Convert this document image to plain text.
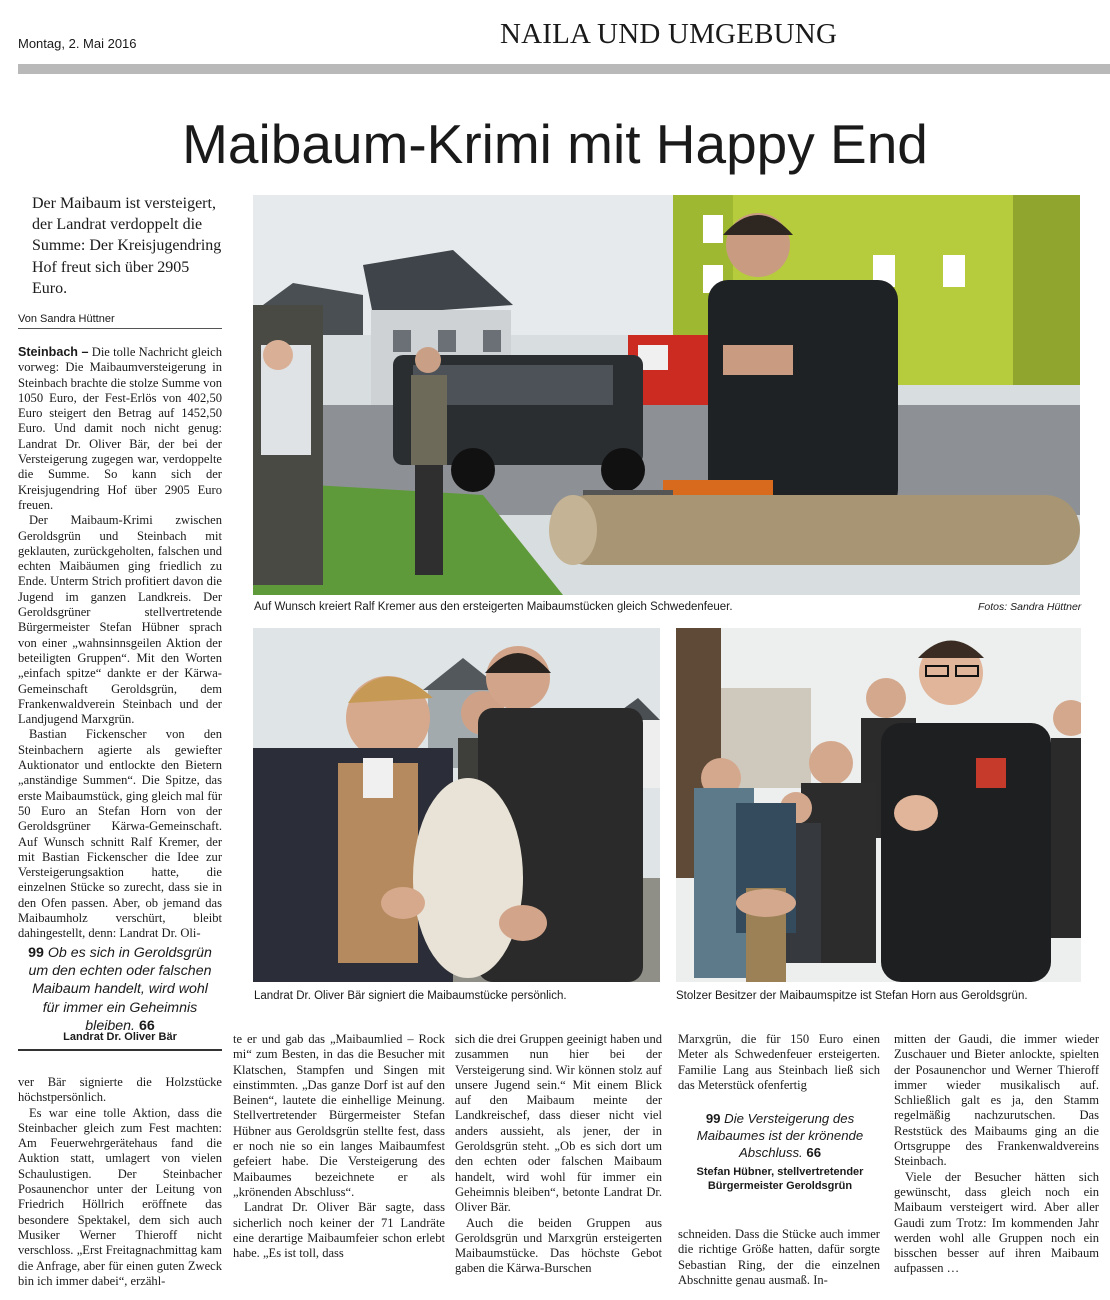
Montag, 2. Mai 2016	NAILA UND UMGEBUNG
Maibaum-Krimi mit Happy End
Der Maibaum ist versteigert, der Landrat verdoppelt die Summe: Der Kreisjugendring Hof freut sich über 2905 Euro.
Von Sandra Hüttner

Steinbach – Die tolle Nachricht gleich vorweg: Die Maibaumversteigerung in Steinbach brachte die stolze Summe von 1050 Euro, der Fest-Erlös von 402,50 Euro steigert den Betrag auf 1452,50 Euro. Und damit noch nicht genug: Landrat Dr. Oliver Bär, der bei der Versteigerung zugegen war, verdoppelte die Summe. So kann sich der Kreisjugendring Hof über 2905 Euro freuen.

Der Maibaum-Krimi zwischen Geroldsgrün und Steinbach mit geklauten, zurückgeholten, falschen und echten Maibäumen ging friedlich zu Ende. Unterm Strich profitiert davon die Jugend im ganzen Landkreis. Der Geroldsgrüner stellvertretende Bürgermeister Stefan Hübner sprach von einer „wahnsinnsgeilen Aktion der beteiligten Gruppen“. Mit den Worten „einfach spitze“ dankte er der Kärwa-Gemeinschaft Geroldsgrün, dem Frankenwaldverein Steinbach und der Landjugend Marxgrün.

Bastian Fickenscher von den Steinbachern agierte als gewiefter Auktionator und entlockte den Bietern „anständige Summen“. Die Spitze, das erste Maibaumstück, ging gleich mal für 50 Euro an Stefan Horn von der Geroldsgrüner Kärwa-Gemeinschaft. Auf Wunsch schnitt Ralf Kremer, der mit Bastian Fickenscher die Idee zur Versteigerungsaktion hatte, die einzelnen Stücke so zurecht, dass sie in den Ofen passen. Aber, ob jemand das Maibaumholz verschürt, bleibt dahingestellt, denn: Landrat Dr. Oli-

99 Ob es sich in Geroldsgrün um den echten oder falschen Maibaum handelt, wird wohl für immer ein Geheimnis bleiben. 66
Landrat Dr. Oliver Bär

ver Bär signierte die Holzstücke höchstpersönlich.

Es war eine tolle Aktion, dass die Steinbacher gleich zum Fest machten: Am Feuerwehrgerätehaus fand die Auktion statt, umlagert von vielen Schaulustigen. Der Steinbacher Posaunenchor unter der Leitung von Friedrich Höllrich eröffnete das besondere Spektakel, dem sich auch Musiker Werner Thieroff nicht verschloss. „Erst Freitagnachmittag kam die Anfrage, aber für einen guten Zweck bin ich immer dabei“, erzähl-

te er und gab das „Maibaumlied – Rock mi“ zum Besten, in das die Besucher mit Klatschen, Stampfen und Singen mit einstimmten. „Das ganze Dorf ist auf den Beinen“, lautete die einhellige Meinung. Stellvertretender Bürgermeister Stefan Hübner aus Geroldsgrün stellte fest, dass er noch nie so ein langes Maibaumfest gefeiert habe. Die Versteigerung des Maibaumes bezeichnete er als „krönenden Abschluss“.

Landrat Dr. Oliver Bär sagte, dass sicherlich noch keiner der 71 Landräte eine derartige Maibaumfeier schon erlebt habe. „Es ist toll, dass

sich die drei Gruppen geeinigt haben und zusammen nun hier bei der Versteigerung sind. Wir können stolz auf unsere Jugend sein.“ Mit einem Blick auf den Maibaum meinte der Landkreischef, dass dieser nicht viel anders aussieht, als jener, der in Geroldsgrün steht. „Ob es sich dort um den echten oder falschen Maibaum handelt, wird wohl für immer ein Geheimnis bleiben“, betonte Landrat Dr. Oliver Bär.

Auch die beiden Gruppen aus Geroldsgrün und Marxgrün ersteigerten Maibaumstücke. Das höchste Gebot gaben die Kärwa-Burschen

Marxgrün, die für 150 Euro einen Meter als Schwedenfeuer ersteigerten. Familie Lang aus Steinbach ließ sich das Meterstück ofenfertig

99 Die Versteigerung des Maibaumes ist der krönende Abschluss. 66
Stefan Hübner, stellvertretender
Bürgermeister Geroldsgrün

schneiden. Dass die Stücke auch immer die richtige Größe hatten, dafür sorgte Sebastian Ring, der die einzelnen Abschnitte genau ausmaß. In-

mitten der Gaudi, die immer wieder Zuschauer und Bieter anlockte, spielten der Posaunenchor und Werner Thieroff immer wieder musikalisch auf. Schließlich galt es ja, den Stamm regelmäßig nachzurutschen. Das Reststück des Maibaums ging an die Ortsgruppe des Frankenwaldvereins Steinbach.

Viele der Besucher hätten sich gewünscht, dass gleich noch ein Maibaum versteigert wird. Aber aller Gaudi zum Trotz: Im kommenden Jahr werden wohl alle Gruppen noch ein bisschen besser auf ihren Maibaum aufpassen …

Auf Wunsch kreiert Ralf Kremer aus den ersteigerten Maibaumstücken gleich Schwedenfeuer.	Fotos: Sandra Hüttner
Landrat Dr. Oliver Bär signiert die Maibaumstücke persönlich.	Stolzer Besitzer der Maibaumspitze ist Stefan Horn aus Geroldsgrün.
